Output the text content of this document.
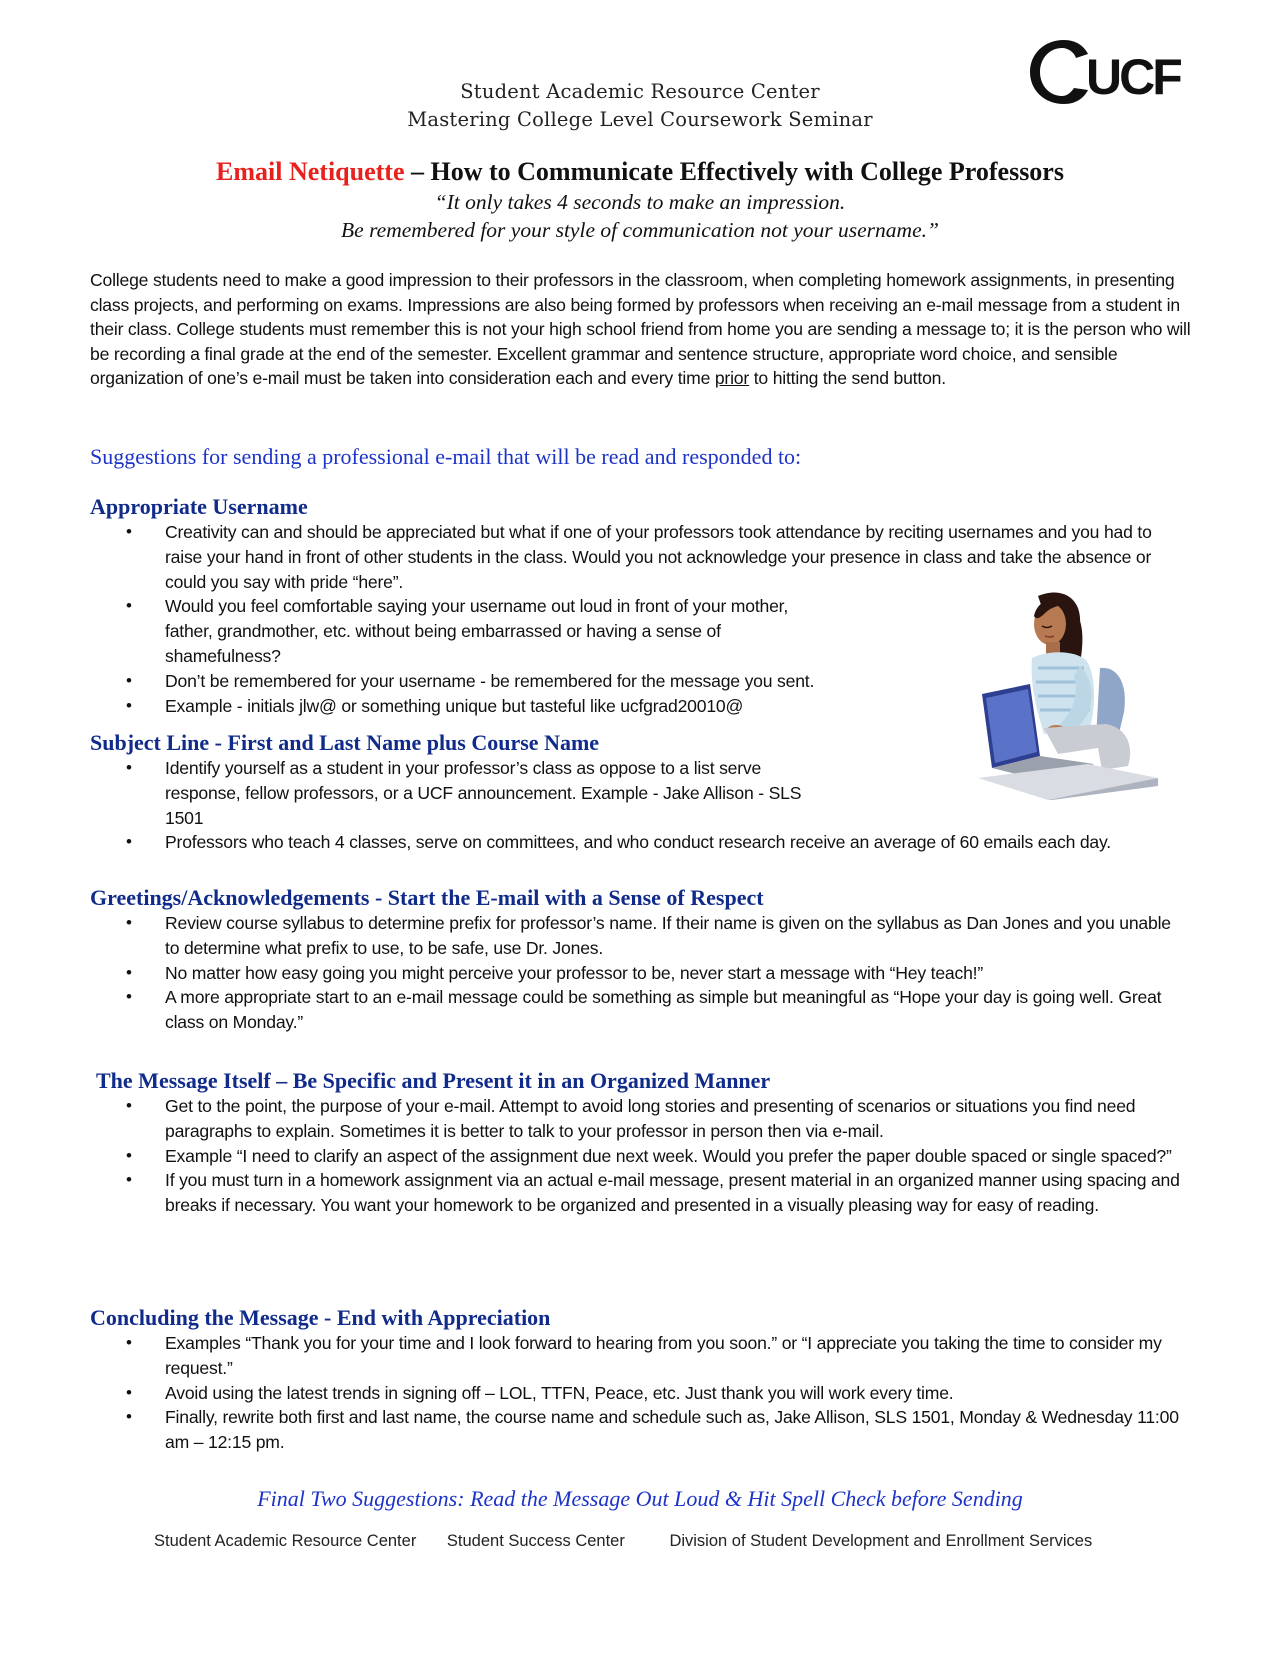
UCF
Student Academic Resource Center
Mastering College Level Coursework Seminar
Email Netiquette – How to Communicate Effectively with College Professors
“It only takes 4 seconds to make an impression.
Be remembered for your style of communication not your username.”
College students need to make a good impression to their professors in the classroom, when completing homework assignments, in presenting class projects, and performing on exams. Impressions are also being formed by professors when receiving an e-mail message from a student in their class. College students must remember this is not your high school friend from home you are sending a message to; it is the person who will be recording a final grade at the end of the semester. Excellent grammar and sentence structure, appropriate word choice, and sensible organization of one’s e-mail must be taken into consideration each and every time prior to hitting the send button.
Suggestions for sending a professional e-mail that will be read and responded to:
Appropriate Username
• Creativity can and should be appreciated but what if one of your professors took attendance by reciting usernames and you had to raise your hand in front of other students in the class. Would you not acknowledge your presence in class and take the absence or could you say with pride “here”.
• Would you feel comfortable saying your username out loud in front of your mother, father, grandmother, etc. without being embarrassed or having a sense of shamefulness?
• Don’t be remembered for your username - be remembered for the message you sent.
• Example - initials jlw@ or something unique but tasteful like ucfgrad20010@
Subject Line - First and Last Name plus Course Name
• Identify yourself as a student in your professor’s class as oppose to a list serve response, fellow professors, or a UCF announcement. Example - Jake Allison - SLS 1501
• Professors who teach 4 classes, serve on committees, and who conduct research receive an average of 60 emails each day.
Greetings/Acknowledgements - Start the E-mail with a Sense of Respect
• Review course syllabus to determine prefix for professor’s name. If their name is given on the syllabus as Dan Jones and you unable to determine what prefix to use, to be safe, use Dr. Jones.
• No matter how easy going you might perceive your professor to be, never start a message with “Hey teach!”
• A more appropriate start to an e-mail message could be something as simple but meaningful as “Hope your day is going well. Great class on Monday.”
The Message Itself – Be Specific and Present it in an Organized Manner
• Get to the point, the purpose of your e-mail. Attempt to avoid long stories and presenting of scenarios or situations you find need paragraphs to explain. Sometimes it is better to talk to your professor in person then via e-mail.
• Example “I need to clarify an aspect of the assignment due next week. Would you prefer the paper double spaced or single spaced?”
• If you must turn in a homework assignment via an actual e-mail message, present material in an organized manner using spacing and breaks if necessary. You want your homework to be organized and presented in a visually pleasing way for easy of reading.
Concluding the Message - End with Appreciation
• Examples “Thank you for your time and I look forward to hearing from you soon.” or “I appreciate you taking the time to consider my request.”
• Avoid using the latest trends in signing off – LOL, TTFN, Peace, etc. Just thank you will work every time.
• Finally, rewrite both first and last name, the course name and schedule such as, Jake Allison, SLS 1501, Monday & Wednesday 11:00 am – 12:15 pm.
Final Two Suggestions: Read the Message Out Loud & Hit Spell Check before Sending
Student Academic Resource Center Student Success Center	Division of Student Development and Enrollment Services
